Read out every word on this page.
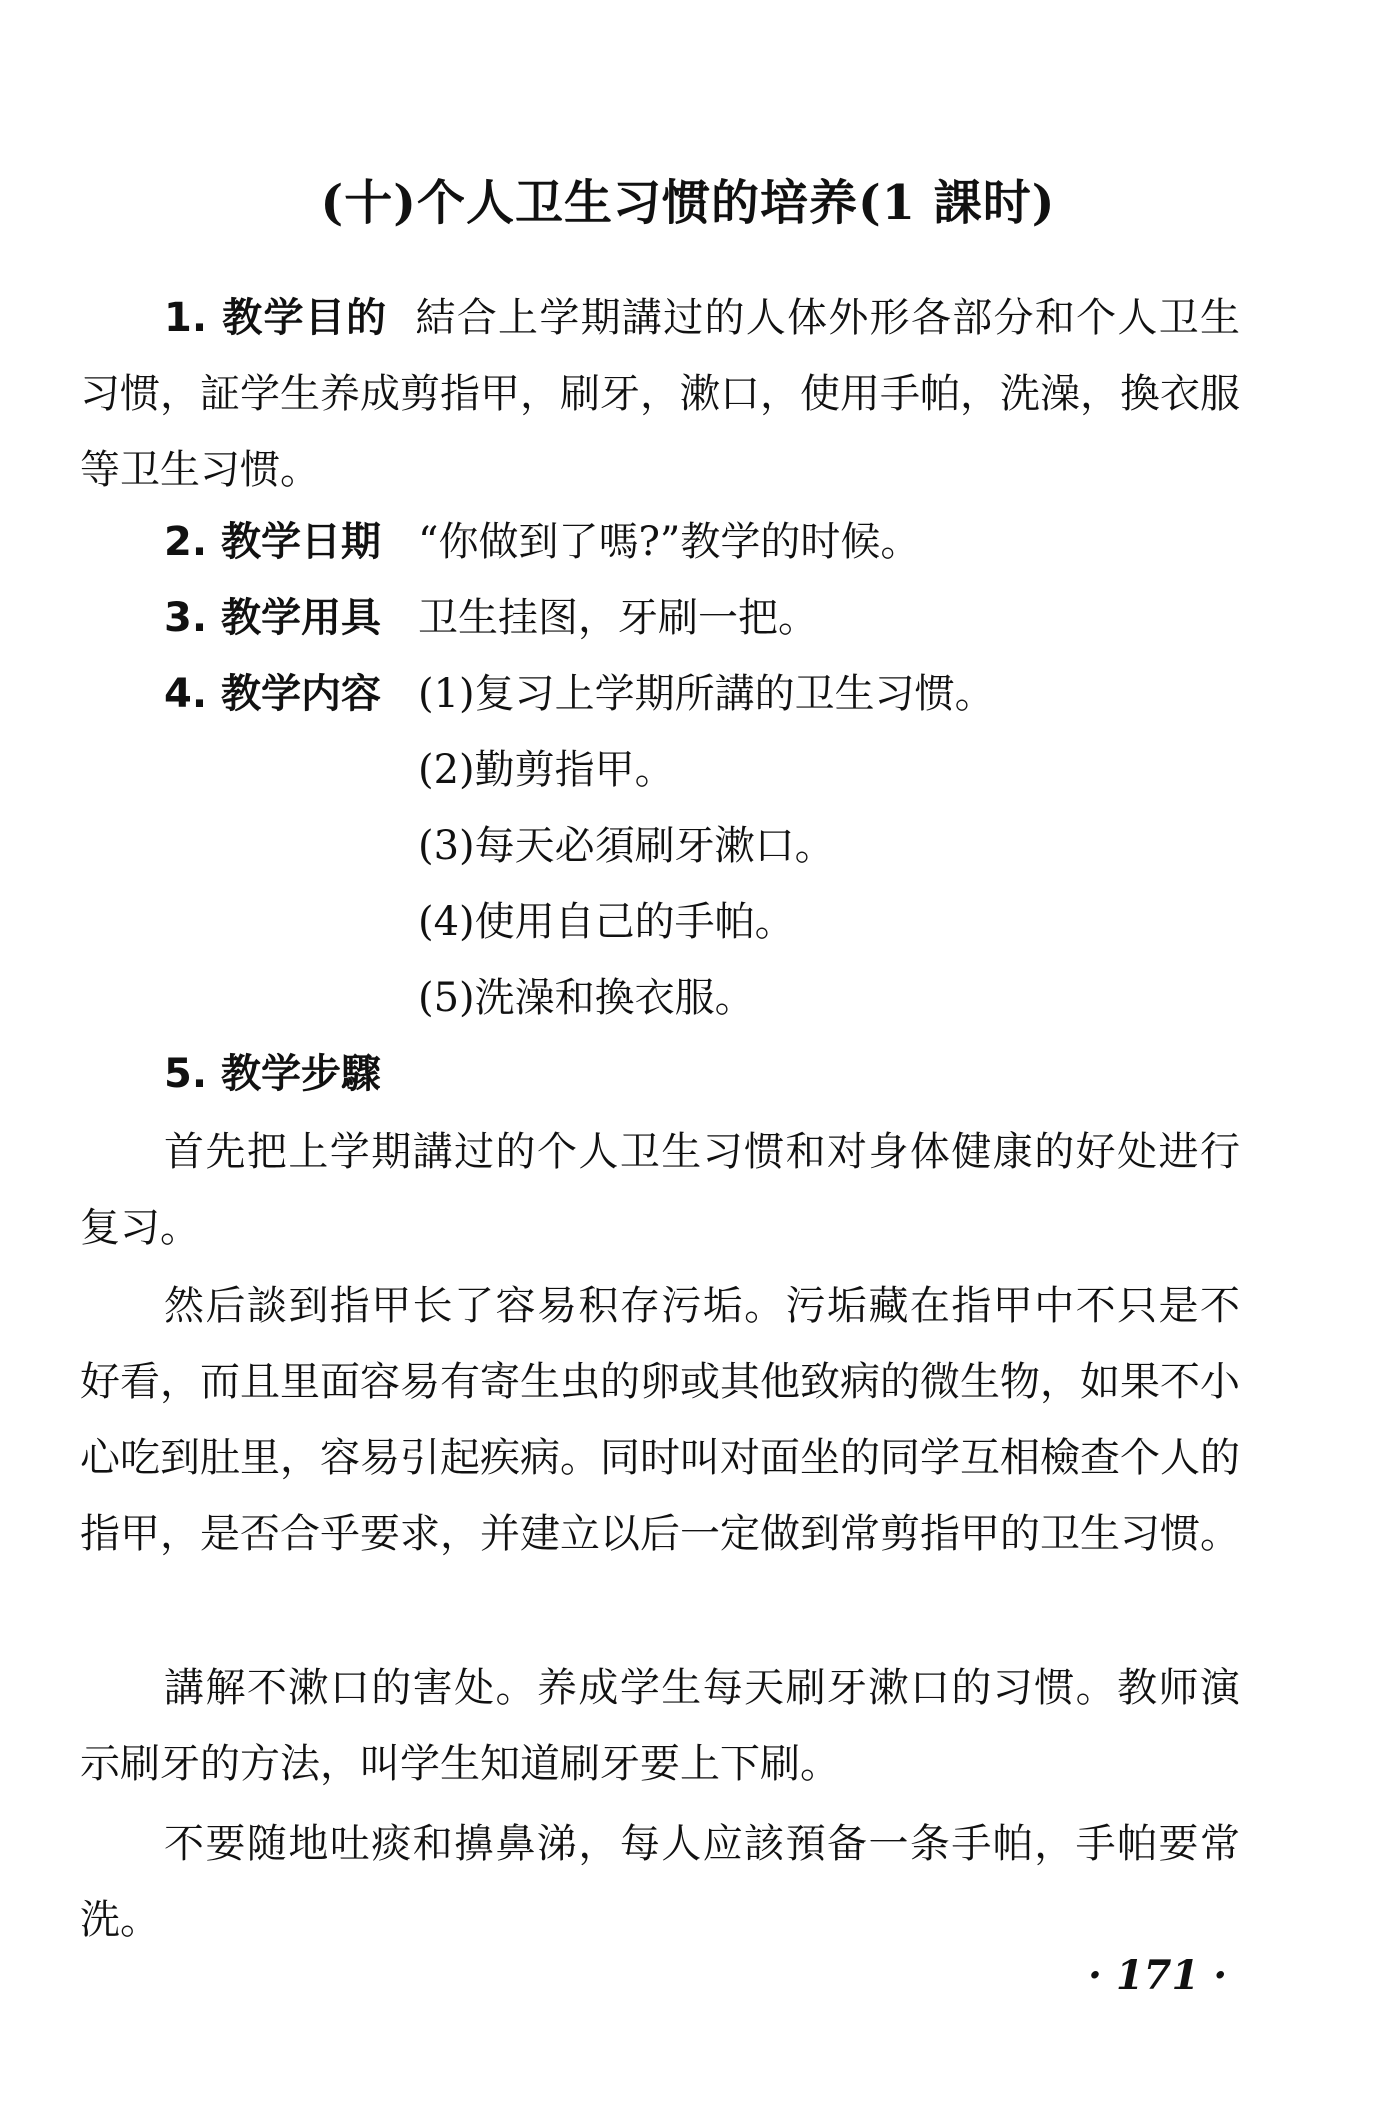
(十)个人卫生习惯的培养(1 課时)

1. 教学目的 結合上学期講过的人体外形各部分和个人卫生习惯，証学生养成剪指甲，刷牙，漱口，使用手帕，洗澡，換衣服等卫生习惯。

2. 教学日期 “你做到了嗎?”教学的时候。
3. 教学用具 卫生挂图，牙刷一把。
4. 教学内容 (1)复习上学期所講的卫生习惯。
(2)勤剪指甲。
(3)每天必須刷牙漱口。
(4)使用自己的手帕。
(5)洗澡和換衣服。
5. 教学步驟

首先把上学期講过的个人卫生习惯和对身体健康的好处进行复习。

然后談到指甲长了容易积存污垢。污垢藏在指甲中不只是不好看，而且里面容易有寄生虫的卵或其他致病的微生物，如果不小心吃到肚里，容易引起疾病。同时叫对面坐的同学互相檢查个人的指甲，是否合乎要求，并建立以后一定做到常剪指甲的卫生习惯。

講解不漱口的害处。养成学生每天刷牙漱口的习惯。教师演示刷牙的方法，叫学生知道刷牙要上下刷。

不要随地吐痰和擤鼻涕，每人应該預备一条手帕，手帕要常洗。

· 171 ·
